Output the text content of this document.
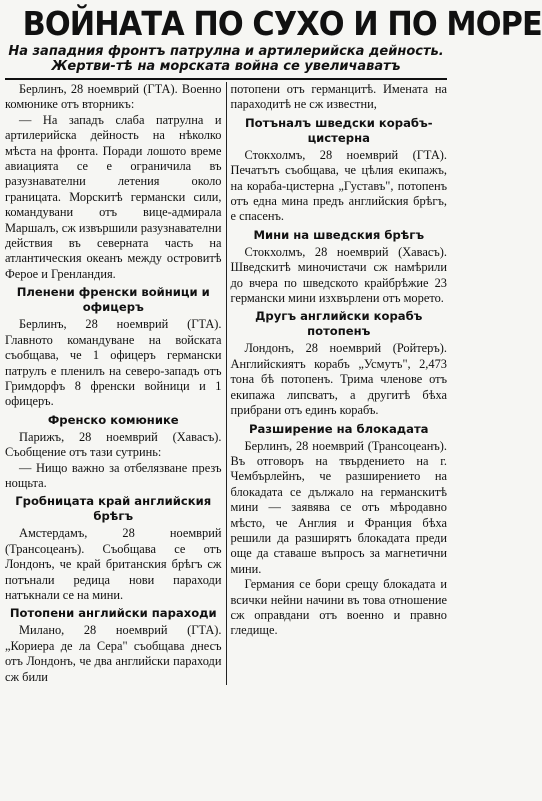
ВОЙНАТА ПО СУХО И ПО МОРЕ
На западния фронтъ патрулна и артилерийска дейность. Жертви-тѣ на морската война се увеличаватъ

Берлинъ, 28 ноемврий (ГТА). Военно комюнике отъ вторникъ:

— На западъ слаба патрулна и артилерийска дейность на нѣколко мѣста на фронта. Поради лошото време авиацията се е ограничила въ разузнавателни летения около границата. Морскитѣ германски сили, командувани отъ вице-адмирала Маршалъ, сж извършили разузнавателни действия въ северната часть на атлантическия океанъ между островитѣ Фероe и Гренландия.

Пленени френски войници и офицеръ

Берлинъ, 28 ноемврий (ГТА). Главното командуване на войската съобщава, че 1 офицеръ германски патрулъ е пленилъ на северо-западъ отъ Гримдорфъ 8 френски войници и 1 офицеръ.

Френско комюнике

Парижъ, 28 ноемврий (Хавасъ). Съобщение отъ тази сутринь:

— Нищо важно за отбелязване презъ нощьта.

Гробницата край английския брѣгъ

Амстердамъ, 28 ноемврий (Трансоцеанъ). Съобщава се отъ Лондонъ, че край британския брѣгъ сж потънали редица нови параходи натъкнали се на мини.

Потопени английски параходи

Милано, 28 ноемврий (ГТА). „Кориера де ла Сера" съобщава днесъ отъ Лондонъ, че два английски параходи сж били

потопени отъ германцитѣ. Имената на параходитѣ не сж известни,

Потъналъ шведски корабъ-цистерна

Стокхолмъ, 28 ноемврий (ГТА). Печатътъ съобщава, че цѣлия екипажъ, на кораба-цистерна „Густавъ", потопенъ отъ една мина предъ английския брѣгъ, е спасенъ.

Мини на шведския брѣгъ

Стокхолмъ, 28 ноемврий (Хавасъ). Шведскитѣ миночистачи сж намѣрили до вчера по шведското крайбрѣжие 23 германски мини изхвърлени отъ морето.

Другъ английски корабъ потопенъ

Лондонъ, 28 ноемврий (Ройтеръ). Английскиятъ корабъ „Усмутъ", 2,473 тона бѣ потопенъ. Трима членове отъ екипажа липсватъ, а другитѣ бѣха прибрани отъ единъ корабъ.

Разширение на блокадата

Берлинъ, 28 ноемврий (Трансоцеанъ). Въ отговоръ на твърдението на г. Чембърлейнъ, че разширението на блокадата се дължало на германскитѣ мини — заявява се отъ мѣродавно мѣсто, че Англия и Франция бѣха решили да разширятъ блокадата преди още да ставаше въпросъ за магнетични мини.

Германия се бори срещу блокадата и всички нейни начини въ това отношение сж оправдани отъ военно и правно гледище.
